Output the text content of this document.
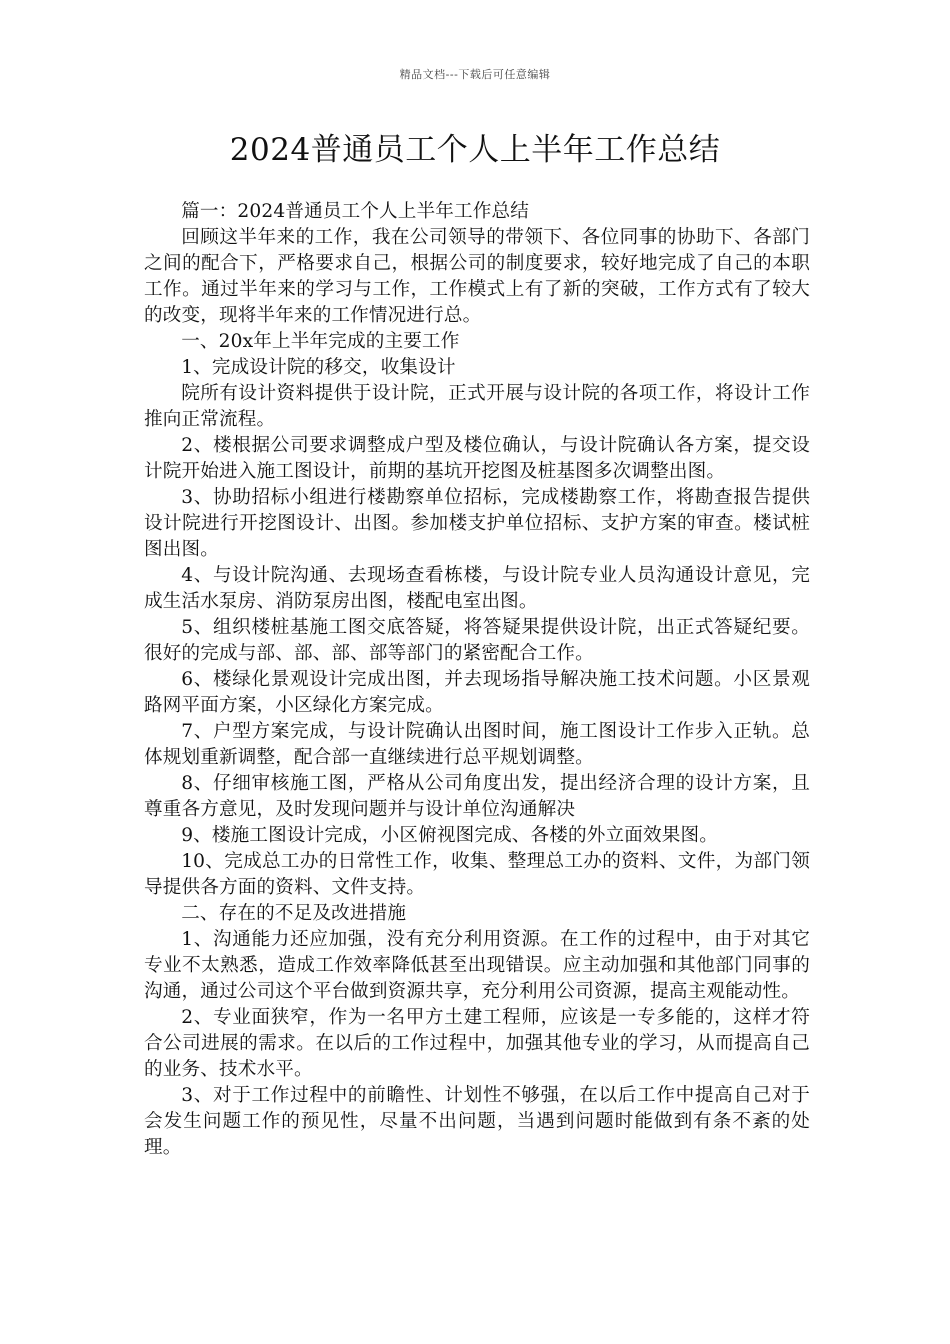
精品文档---下载后可任意编辑
2024普通员工个人上半年工作总结

篇一：2024普通员工个人上半年工作总结

回顾这半年来的工作，我在公司领导的带领下、各位同事的协助下、各部门之间的配合下，严格要求自己，根据公司的制度要求，较好地完成了自己的本职工作。通过半年来的学习与工作，工作模式上有了新的突破，工作方式有了较大的改变，现将半年来的工作情况进行总。

一、20x年上半年完成的主要工作

1、完成设计院的移交，收集设计

院所有设计资料提供于设计院，正式开展与设计院的各项工作，将设计工作推向正常流程。

2、楼根据公司要求调整成户型及楼位确认，与设计院确认各方案，提交设计院开始进入施工图设计，前期的基坑开挖图及桩基图多次调整出图。

3、协助招标小组进行楼勘察单位招标，完成楼勘察工作，将勘查报告提供设计院进行开挖图设计、出图。参加楼支护单位招标、支护方案的审查。楼试桩图出图。

4、与设计院沟通、去现场查看栋楼，与设计院专业人员沟通设计意见，完成生活水泵房、消防泵房出图，楼配电室出图。

5、组织楼桩基施工图交底答疑，将答疑果提供设计院，出正式答疑纪要。很好的完成与部、部、部、部等部门的紧密配合工作。

6、楼绿化景观设计完成出图，并去现场指导解决施工技术问题。小区景观路网平面方案，小区绿化方案完成。

7、户型方案完成，与设计院确认出图时间，施工图设计工作步入正轨。总体规划重新调整，配合部一直继续进行总平规划调整。

8、仔细审核施工图，严格从公司角度出发，提出经济合理的设计方案，且尊重各方意见，及时发现问题并与设计单位沟通解决

9、楼施工图设计完成，小区俯视图完成、各楼的外立面效果图。

10、完成总工办的日常性工作，收集、整理总工办的资料、文件，为部门领导提供各方面的资料、文件支持。

二、存在的不足及改进措施

1、沟通能力还应加强，没有充分利用资源。在工作的过程中，由于对其它专业不太熟悉，造成工作效率降低甚至出现错误。应主动加强和其他部门同事的沟通，通过公司这个平台做到资源共享，充分利用公司资源，提高主观能动性。

2、专业面狭窄，作为一名甲方土建工程师，应该是一专多能的，这样才符合公司进展的需求。在以后的工作过程中，加强其他专业的学习，从而提高自己的业务、技术水平。

3、对于工作过程中的前瞻性、计划性不够强，在以后工作中提高自己对于会发生问题工作的预见性，尽量不出问题，当遇到问题时能做到有条不紊的处理。
